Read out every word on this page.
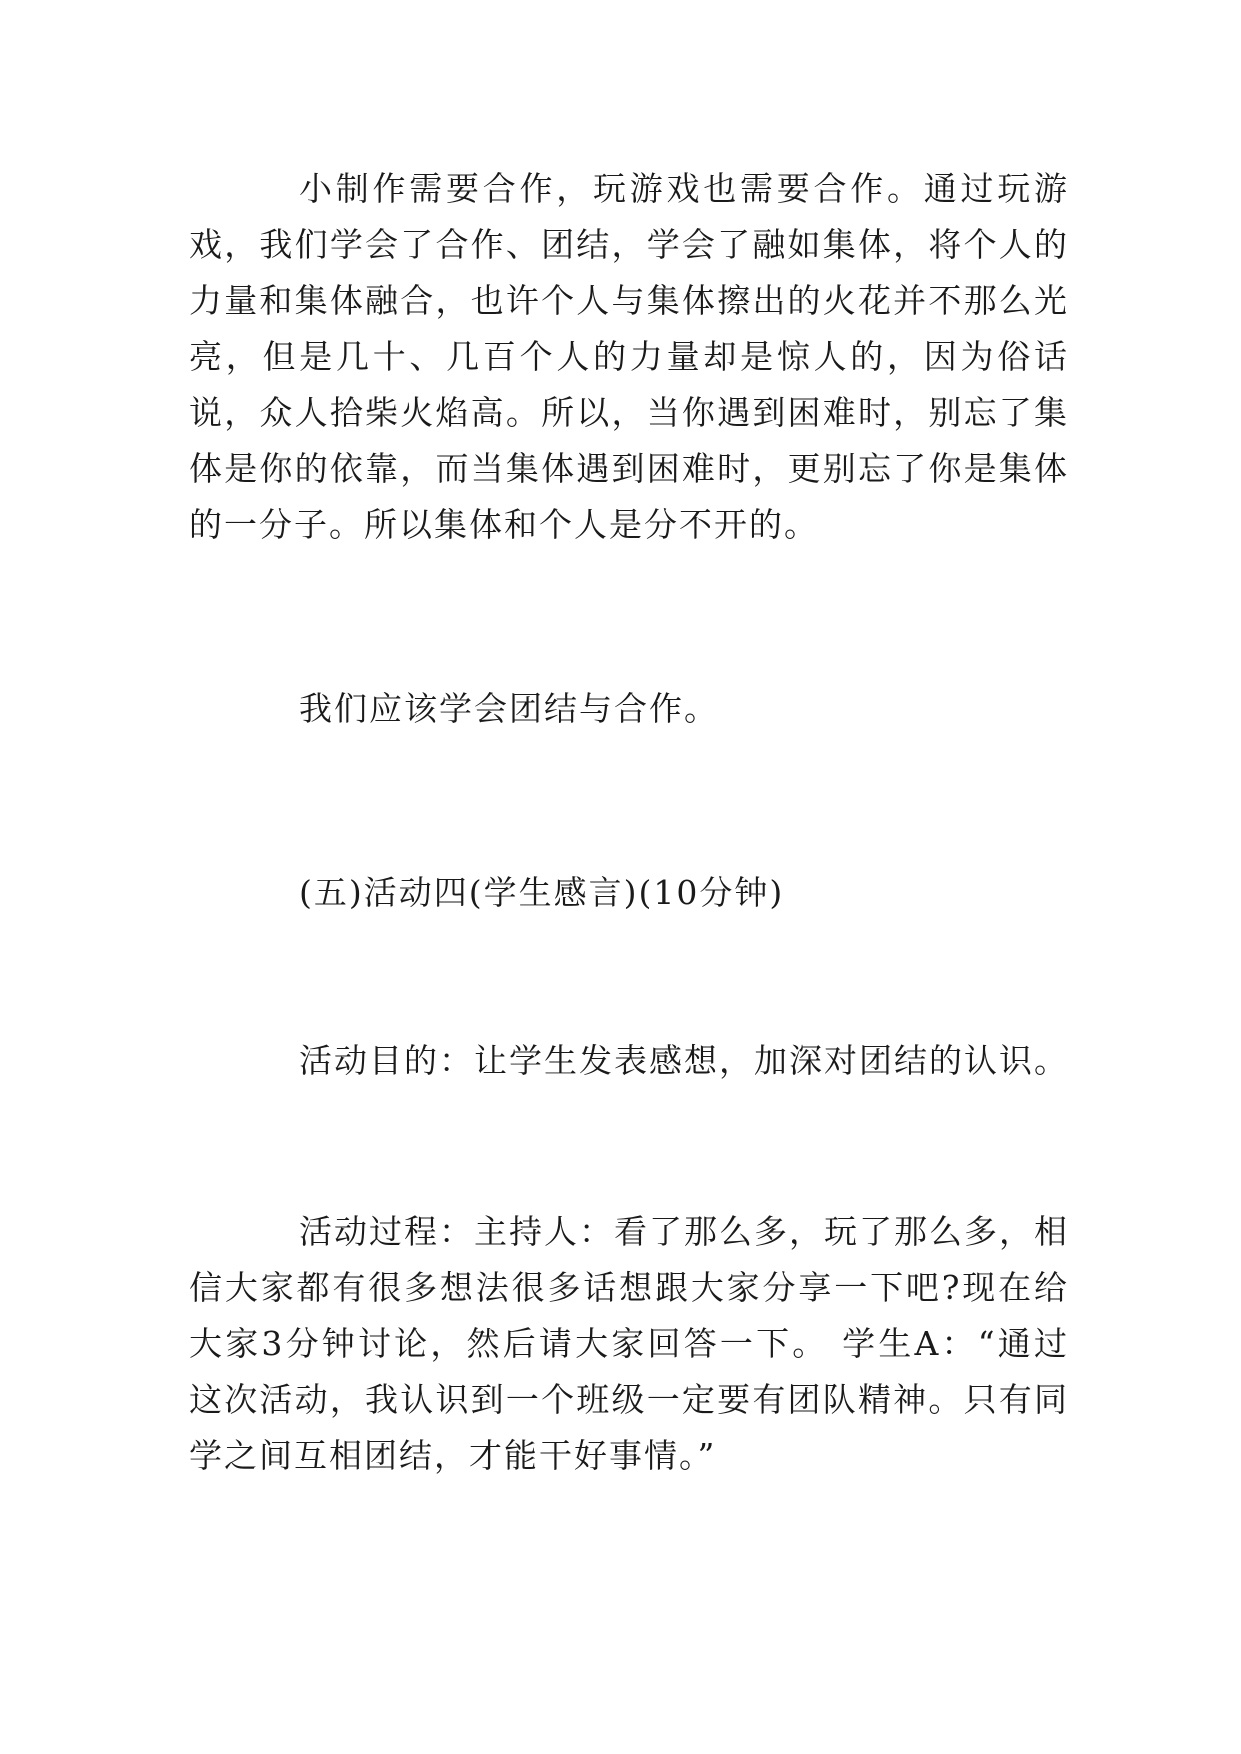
小制作需要合作，玩游戏也需要合作。通过玩游戏，我们学会了合作、团结，学会了融如集体，将个人的力量和集体融合，也许个人与集体擦出的火花并不那么光亮，但是几十、几百个人的力量却是惊人的，因为俗话说，众人拾柴火焰高。所以，当你遇到困难时，别忘了集体是你的依靠，而当集体遇到困难时，更别忘了你是集体的一分子。所以集体和个人是分不开的。

我们应该学会团结与合作。

(五)活动四(学生感言)(10分钟)

活动目的：让学生发表感想，加深对团结的认识。

活动过程：主持人：看了那么多，玩了那么多，相信大家都有很多想法很多话想跟大家分享一下吧?现在给大家3分钟讨论，然后请大家回答一下。 学生A：“通过这次活动，我认识到一个班级一定要有团队精神。只有同学之间互相团结，才能干好事情。”
